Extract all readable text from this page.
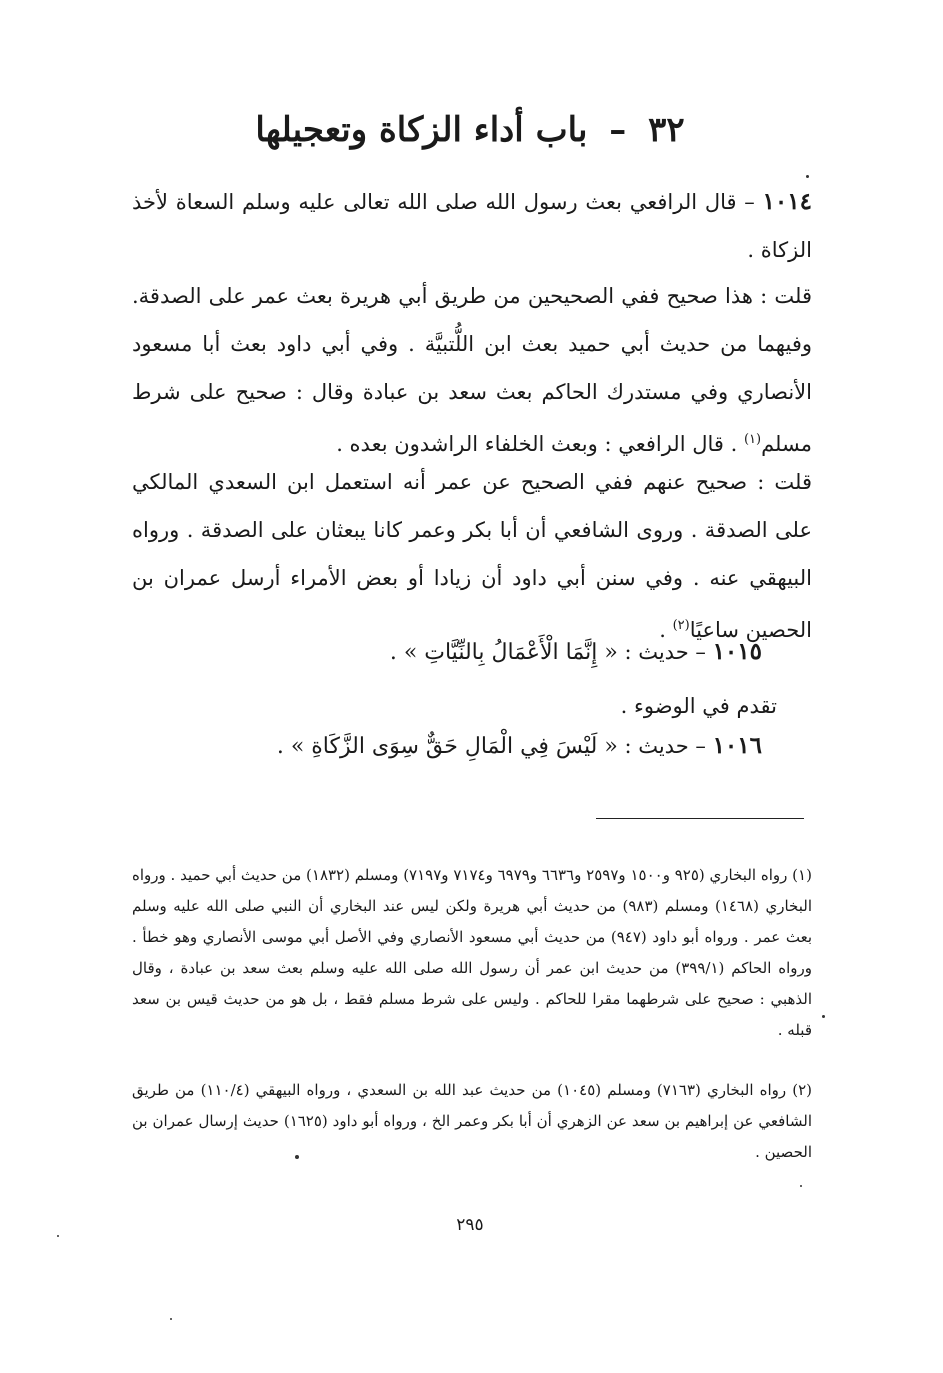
٣٢ – باب أداء الزكاة وتعجيلها
١٠١٤ – قال الرافعي بعث رسول الله صلى الله تعالى عليه وسلم السعاة لأخذ الزكاة .
قلت : هذا صحيح ففي الصحيحين من طريق أبي هريرة بعث عمر على الصدقة. وفيهما من حديث أبي حميد بعث ابن اللُّتبيَّة . وفي أبي داود بعث أبا مسعود الأنصاري وفي مستدرك الحاكم بعث سعد بن عبادة وقال : صحيح على شرط مسلم$^{(١)}$ . قال الرافعي : وبعث الخلفاء الراشدون بعده .
قلت : صحيح عنهم ففي الصحيح عن عمر أنه استعمل ابن السعدي المالكي على الصدقة . وروى الشافعي أن أبا بكر وعمر كانا يبعثان على الصدقة . ورواه البيهقي عنه . وفي سنن أبي داود أن زيادا أو بعض الأمراء أرسل عمران بن الحصين ساعيًا$^{(٢)}$ .
١٠١٥ – حديث : « إِنَّمَا الْأَعْمَالُ بِالنِّيَّاتِ » .
تقدم في الوضوء .
١٠١٦ – حديث : « لَيْسَ فِي الْمَالِ حَقٌّ سِوَى الزَّكَاةِ » .
(١) رواه البخاري (٩٢٥ و١٥٠٠ و٢٥٩٧ و٦٦٣٦ و٦٩٧٩ و٧١٧٤ و٧١٩٧) ومسلم (١٨٣٢) من حديث أبي حميد . ورواه البخاري (١٤٦٨) ومسلم (٩٨٣) من حديث أبي هريرة ولكن ليس عند البخاري أن النبي صلى الله عليه وسلم بعث عمر . ورواه أبو داود (٩٤٧) من حديث أبي مسعود الأنصاري وفي الأصل أبي موسى الأنصاري وهو خطأ . ورواه الحاكم (٣٩٩/١) من حديث ابن عمر أن رسول الله صلى الله عليه وسلم بعث سعد بن عبادة ، وقال الذهبي : صحيح على شرطهما مقرا للحاكم . وليس على شرط مسلم فقط ، بل هو من حديث قيس بن سعد قبله .
(٢) رواه البخاري (٧١٦٣) ومسلم (١٠٤٥) من حديث عبد الله بن السعدي ، ورواه البيهقي (١١٠/٤) من طريق الشافعي عن إبراهيم بن سعد عن الزهري أن أبا بكر وعمر الخ ، ورواه أبو داود (١٦٢٥) حديث إرسال عمران بن الحصين .
٢٩٥
